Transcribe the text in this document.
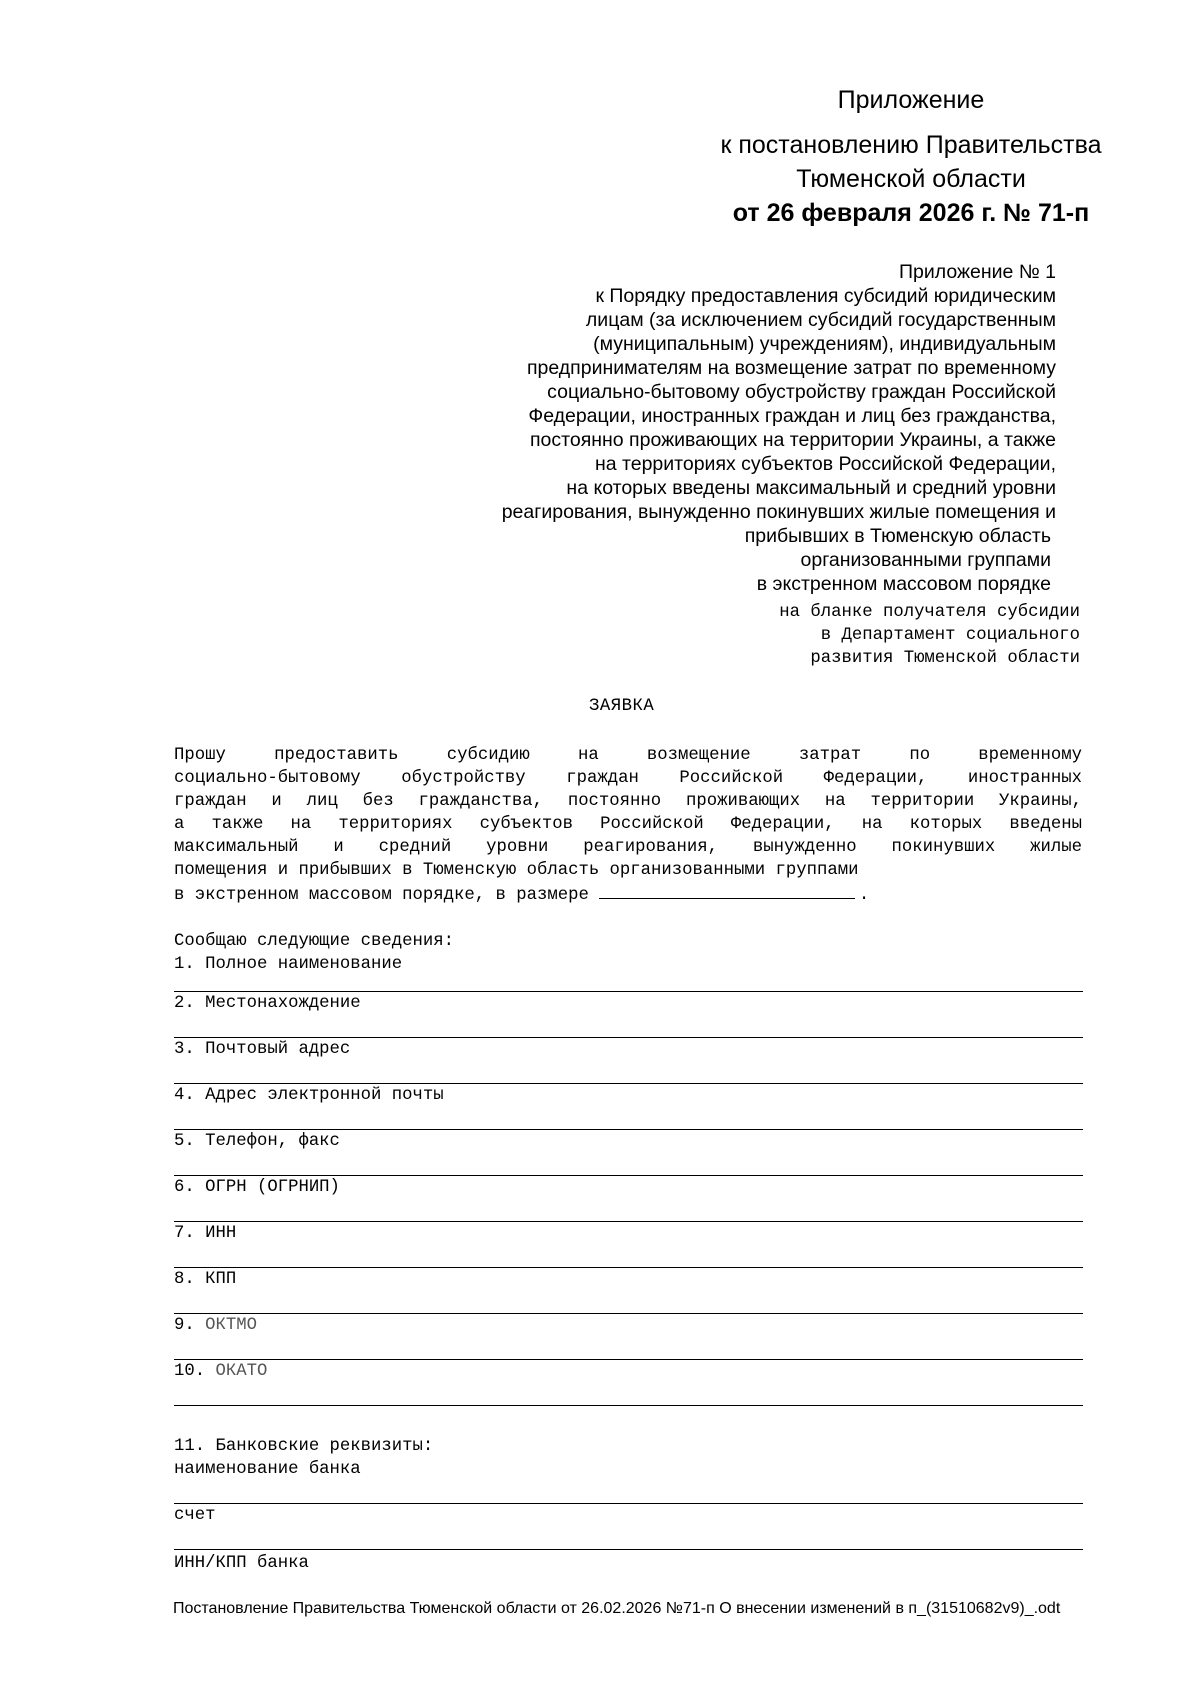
Приложение
к постановлению Правительства
Тюменской области
от 26 февраля 2026 г. № 71-п
Приложение № 1
к Порядку предоставления субсидий юридическим
лицам (за исключением субсидий государственным
(муниципальным) учреждениям), индивидуальным
предпринимателям на возмещение затрат по временному
социально-бытовому обустройству граждан Российской
Федерации, иностранных граждан и лиц без гражданства,
постоянно проживающих на территории Украины, а также
на территориях субъектов Российской Федерации,
на которых введены максимальный и средний уровни
реагирования, вынужденно покинувших жилые помещения и
прибывших в Тюменскую область
организованными группами
в экстренном массовом порядке
на бланке получателя субсидии
в Департамент социального
развития Тюменской области
ЗАЯВКА
Прошу предоставить субсидию на возмещение затрат по временному
социально-бытовому обустройству граждан Российской Федерации, иностранных
граждан и лиц без гражданства, постоянно проживающих на территории Украины,
а также на территориях субъектов Российской Федерации, на которых введены
максимальный и средний уровни реагирования, вынужденно покинувших жилые
помещения и прибывших в Тюменскую область организованными группами
в экстренном массовом порядке, в размере	.
Сообщаю следующие сведения:
1. Полное наименование
2. Местонахождение
3. Почтовый адрес
4. Адрес электронной почты
5. Телефон, факс
6. ОГРН (ОГРНИП)
7. ИНН
8. КПП
9. ОКТМО
10. ОКАТО
11. Банковские реквизиты:
наименование банка
счет
ИНН/КПП банка
Постановление Правительства Тюменской области от 26.02.2026 №71-п О внесении изменений в п_(31510682v9)_.odt
